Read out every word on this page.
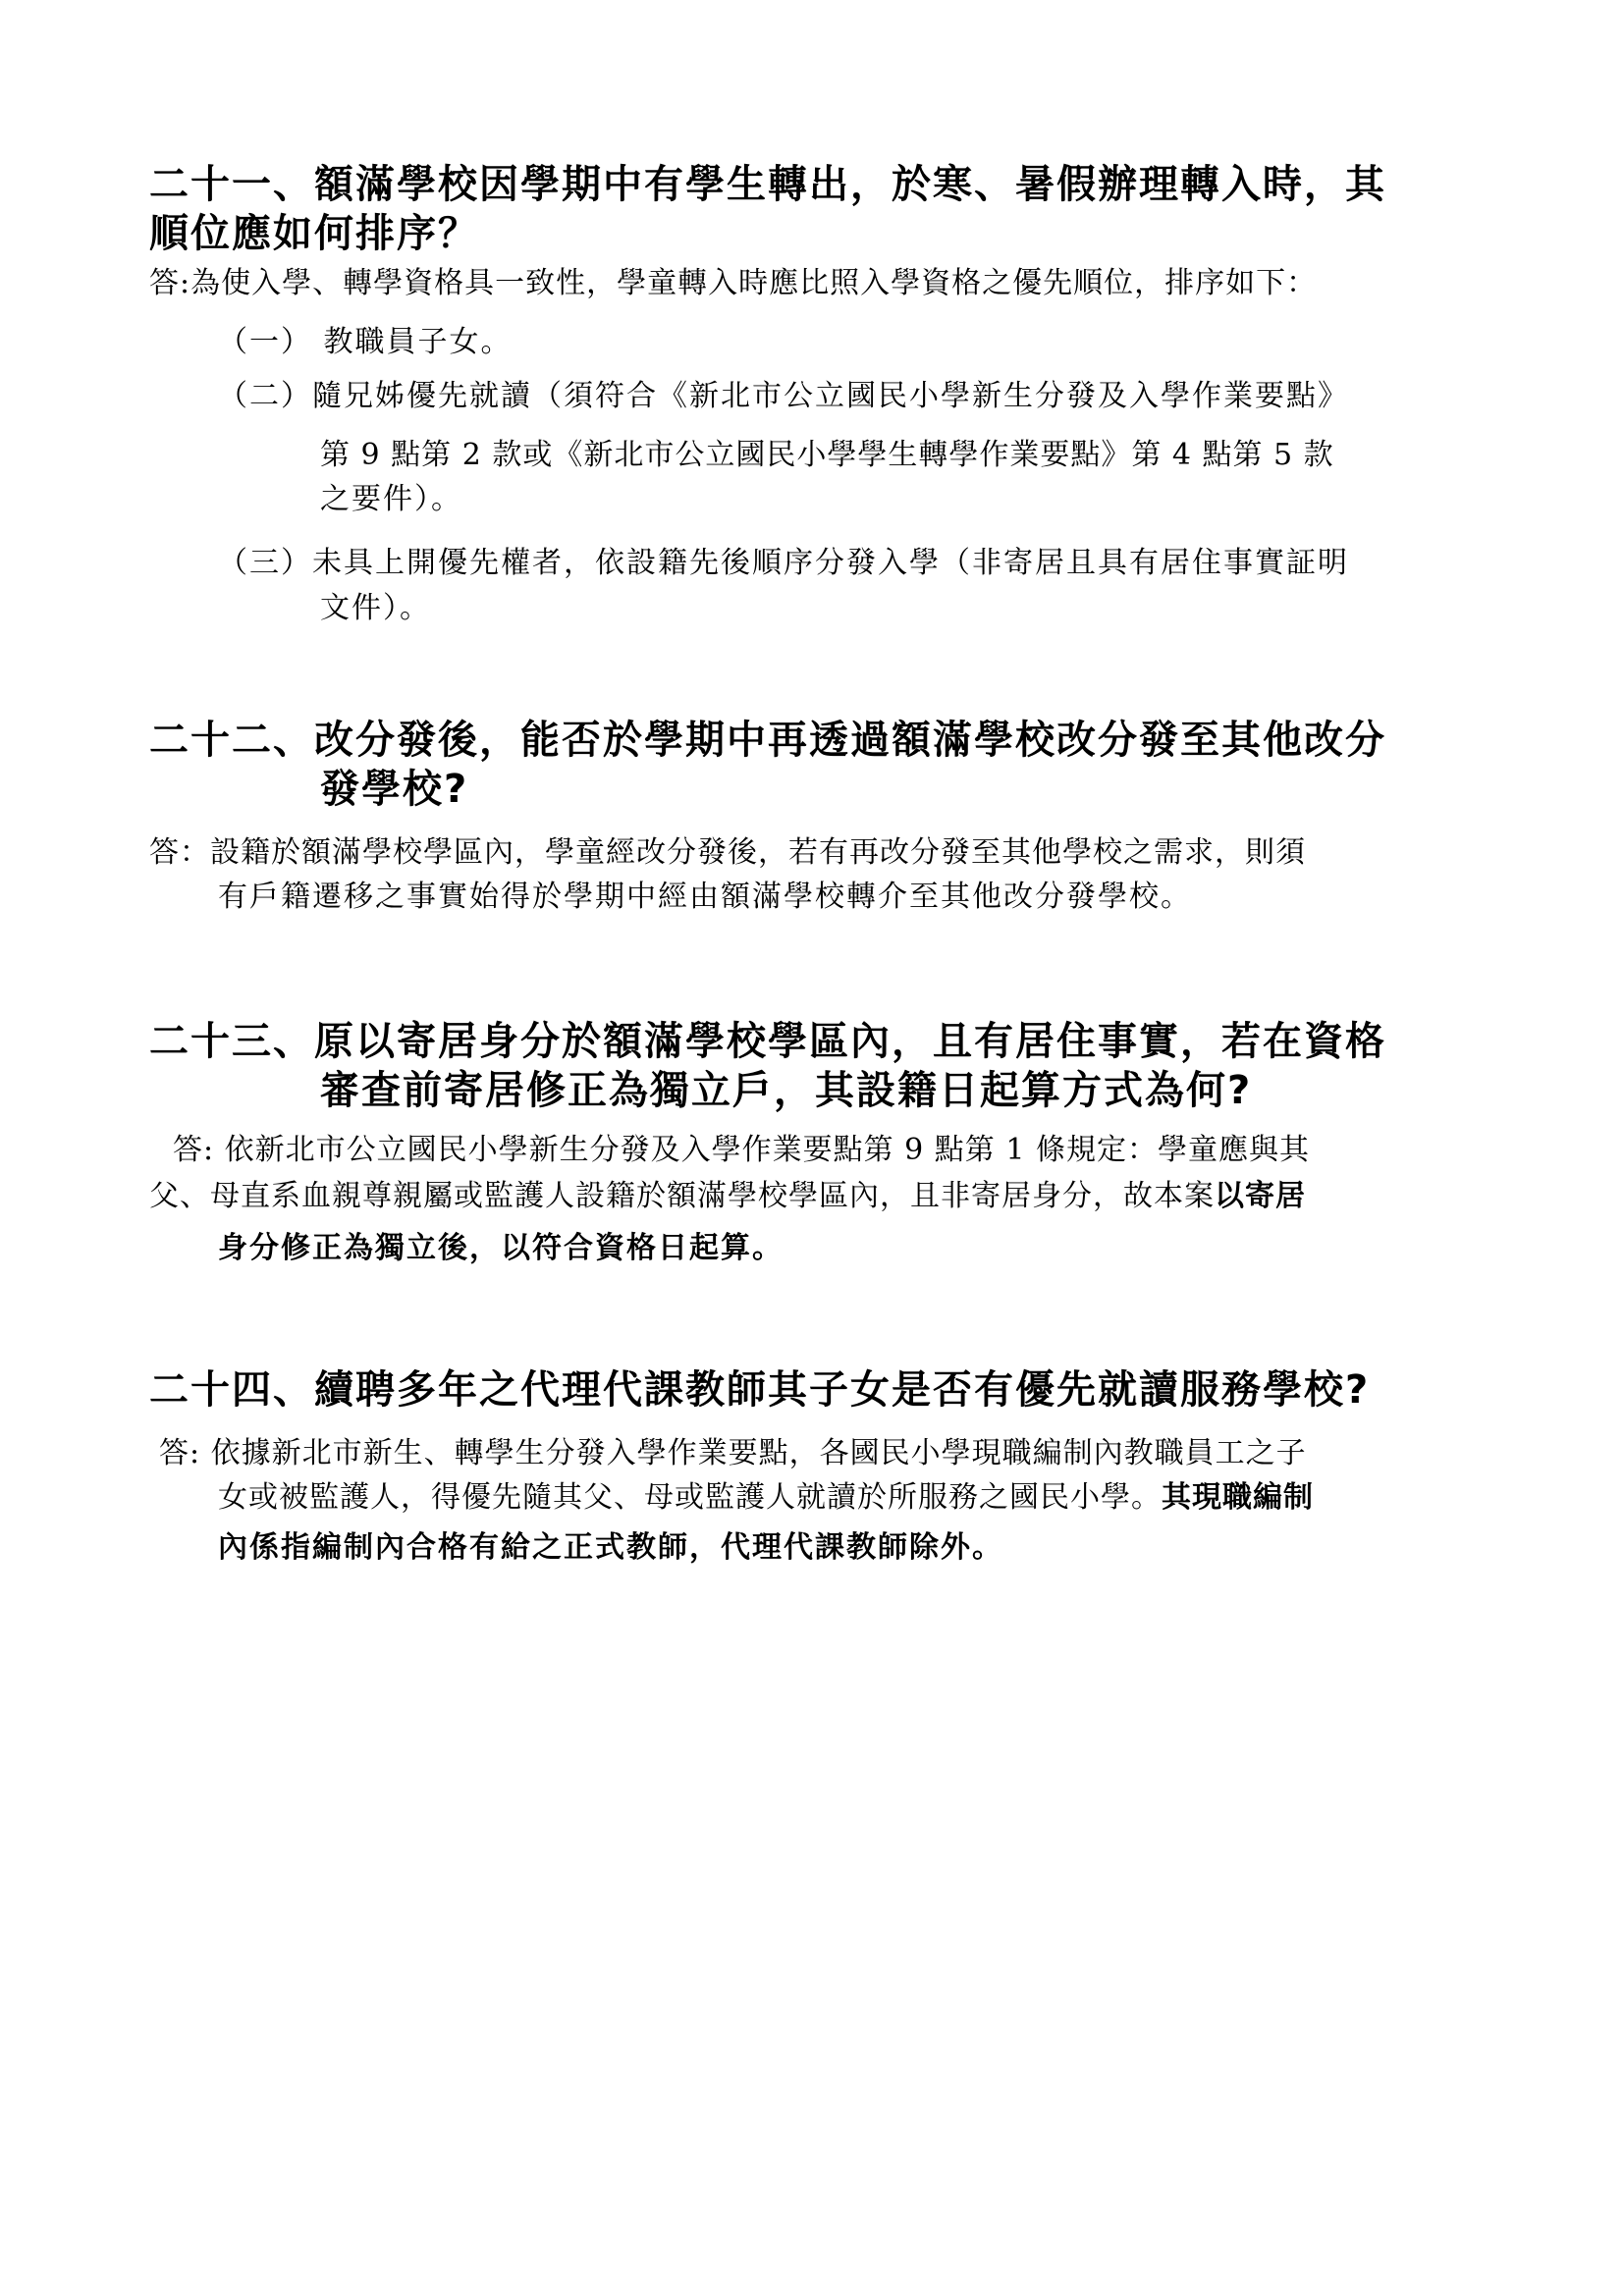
二十一、額滿學校因學期中有學生轉出，於寒、暑假辦理轉入時，其
順位應如何排序？
答:為使入學、轉學資格具一致性，學童轉入時應比照入學資格之優先順位，排序如下：
（一） 教職員子女。
（二）隨兄姊優先就讀（須符合《新北市公立國民小學新生分發及入學作業要點》
第 9 點第 2 款或《新北市公立國民小學學生轉學作業要點》第 4 點第 5 款
之要件）。
（三）未具上開優先權者，依設籍先後順序分發入學（非寄居且具有居住事實証明
文件）。
二十二、改分發後，能否於學期中再透過額滿學校改分發至其他改分
發學校?
答：設籍於額滿學校學區內，學童經改分發後，若有再改分發至其他學校之需求，則須
有戶籍遷移之事實始得於學期中經由額滿學校轉介至其他改分發學校。
二十三、原以寄居身分於額滿學校學區內，且有居住事實，若在資格
審查前寄居修正為獨立戶，其設籍日起算方式為何?
答: 依新北市公立國民小學新生分發及入學作業要點第 9 點第 1 條規定：學童應與其
父、母直系血親尊親屬或監護人設籍於額滿學校學區內，且非寄居身分，故本案以寄居
身分修正為獨立後，以符合資格日起算。
二十四、續聘多年之代理代課教師其子女是否有優先就讀服務學校?
答: 依據新北市新生、轉學生分發入學作業要點，各國民小學現職編制內教職員工之子
女或被監護人，得優先隨其父、母或監護人就讀於所服務之國民小學。其現職編制
內係指編制內合格有給之正式教師，代理代課教師除外。
